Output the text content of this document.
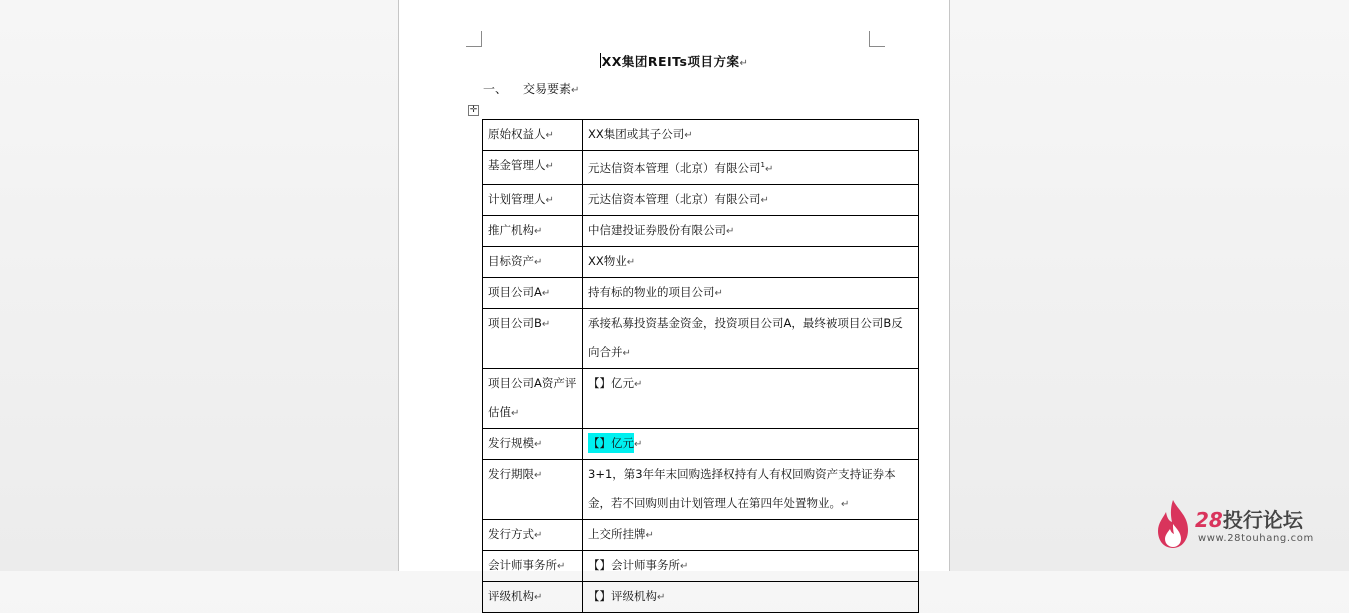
XX集团REITs项目方案↵
一、 交易要素↵
✛
原始权益人↵	XX集团或其子公司↵
基金管理人↵	元达信资本管理（北京）有限公司$^1$↵
计划管理人↵	元达信资本管理（北京）有限公司↵
推广机构↵	中信建投证券股份有限公司↵
目标资产↵	XX物业↵
项目公司A↵	持有标的物业的项目公司↵
项目公司B↵	承接私募投资基金资金，投资项目公司A，最终被项目公司B反向合并↵
项目公司A资产评估值↵	【】亿元↵
发行规模↵	【】亿元↵
发行期限↵	3+1，第3年年末回购选择权持有人有权回购资产支持证券本金，若不回购则由计划管理人在第四年处置物业。↵
发行方式↵	上交所挂牌↵
会计师事务所↵	【】会计师事务所↵
评级机构↵	【】评级机构↵
28投行论坛
www.28touhang.com
